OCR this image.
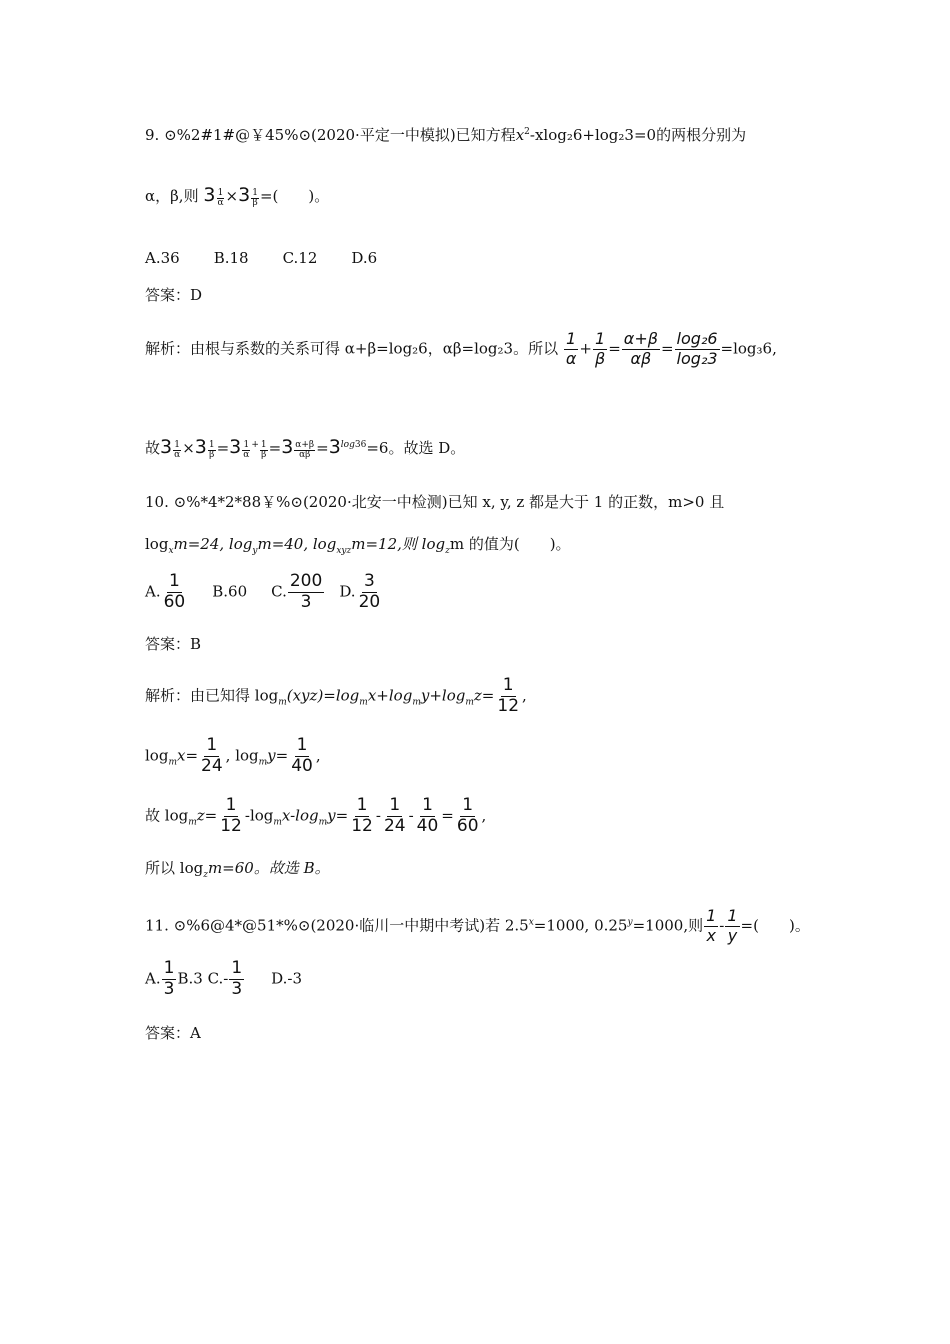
9. ⊙%2#1#@￥45%⊙(2020·平定一中模拟)已知方程$x^2-xlog_26+\log_23=0$的两根分别为
α，β,则 $3 \frac{1}{\alpha} \times 3 \frac{1}{\beta}$ =(　　)。
A.36 B.18 C.12 D.6
答案：D
解析：由根与系数的关系可得 α+β=log₂6，αβ=log₂3。所以 $\frac{1}{\alpha} + \frac{1}{\beta} = \frac{\alpha+\beta}{\alpha\beta} = \frac{\text{log₂6}}{\text{log₂3}} =\log_36$,
故$3 \frac{1}{\alpha} \times 3 \frac{1}{\beta} =3 \frac{1}{\alpha} ^+ \frac{1}{\beta} =3 \frac{\alpha+\beta}{\alpha\beta} =3^{log36}=6$。故选 D。
10. ⊙%*4*2*88￥%⊙(2020·北安一中检测)已知 x, y, z 都是大于 1 的正数，m>0 且
$\log_xm=24$, $\log_ym=40$, $\log_{xyz}m=12$,则 $\log_zm$ 的值为(　　)。
A. $\frac{1}{60} B.60$ C. $\frac{200}{3} D$. $\frac{3}{20}$
答案：B
解析：由已知得 $\log_m(xyz)=\log_mx+\log_my+\log_mz= \frac{1}{12}$ ,
$\log_mx= \frac{1}{24}$ , $\log_my= \frac{1}{40}$ ,
故 $\log_mz= \frac{1}{12} -\log_mx-\log_my= \frac{1}{12} - \frac{1}{24} - \frac{1}{40} = \frac{1}{60}$ ,
所以 $\log_zm=60$。故选 B。
11. ⊙%6@4*@51*%⊙(2020·临川一中期中考试)若 $2.5^x=1000$, $0.25^y=1000$,则 $\frac{1}{x} - \frac{1}{y}$ =(　　)。
A. $\frac{1}{3} B.3$ $C.- \frac{1}{3} D.-3$
答案：A
